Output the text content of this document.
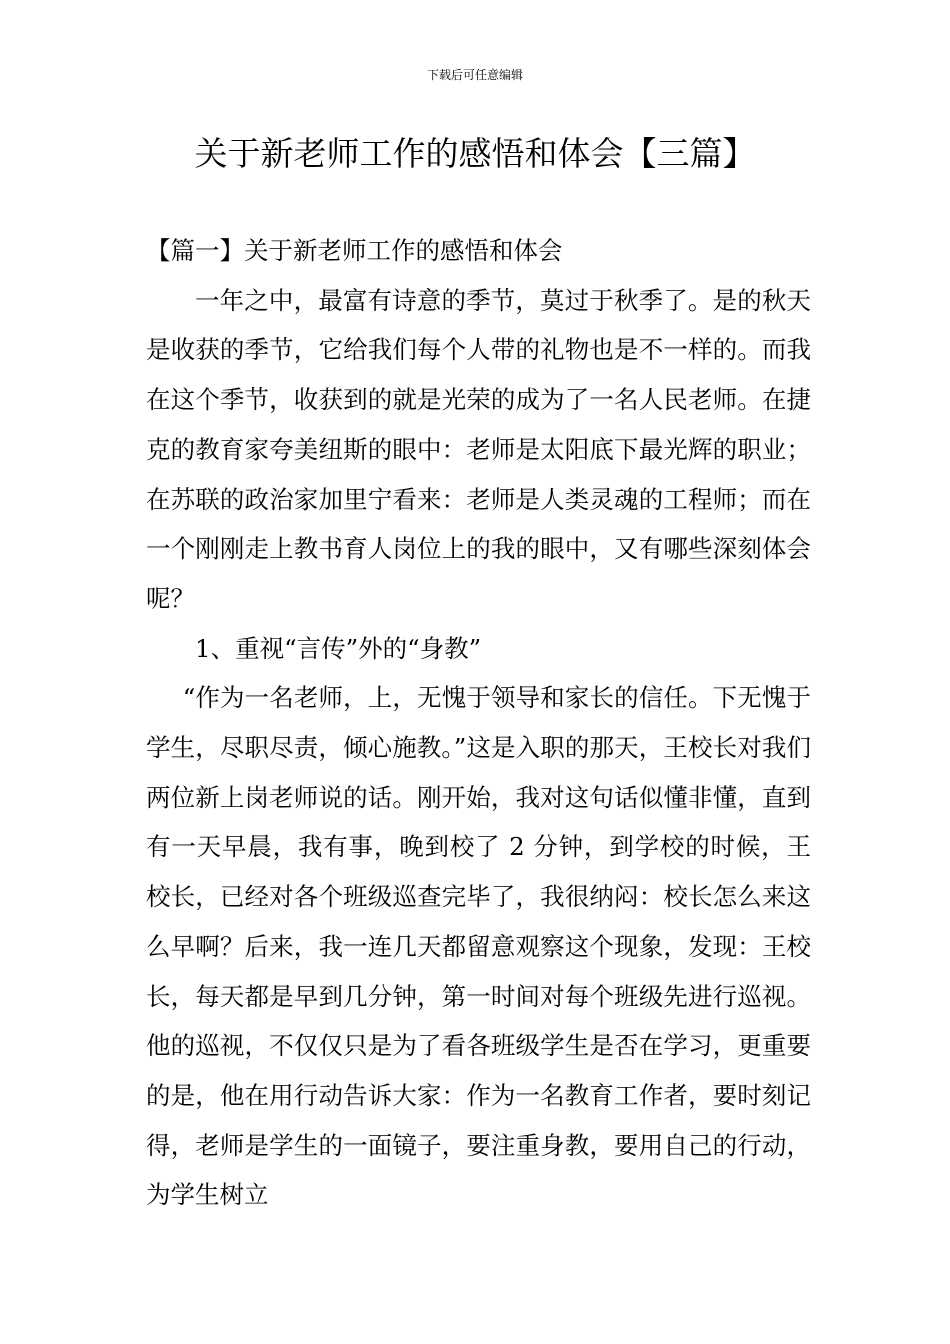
下载后可任意编辑
关于新老师工作的感悟和体会【三篇】

【篇一】关于新老师工作的感悟和体会

一年之中，最富有诗意的季节，莫过于秋季了。是的秋天是收获的季节，它给我们每个人带的礼物也是不一样的。而我在这个季节，收获到的就是光荣的成为了一名人民老师。在捷克的教育家夸美纽斯的眼中：老师是太阳底下最光辉的职业；在苏联的政治家加里宁看来：老师是人类灵魂的工程师；而在一个刚刚走上教书育人岗位上的我的眼中，又有哪些深刻体会呢？

1、重视“言传”外的“身教”

“作为一名老师，上，无愧于领导和家长的信任。下无愧于学生，尽职尽责，倾心施教。”这是入职的那天，王校长对我们两位新上岗老师说的话。刚开始，我对这句话似懂非懂，直到有一天早晨，我有事，晚到校了 2 分钟，到学校的时候，王校长，已经对各个班级巡查完毕了，我很纳闷：校长怎么来这么早啊？后来，我一连几天都留意观察这个现象，发现：王校长，每天都是早到几分钟，第一时间对每个班级先进行巡视。他的巡视，不仅仅只是为了看各班级学生是否在学习，更重要的是，他在用行动告诉大家：作为一名教育工作者，要时刻记得，老师是学生的一面镜子，要注重身教，要用自己的行动，为学生树立
